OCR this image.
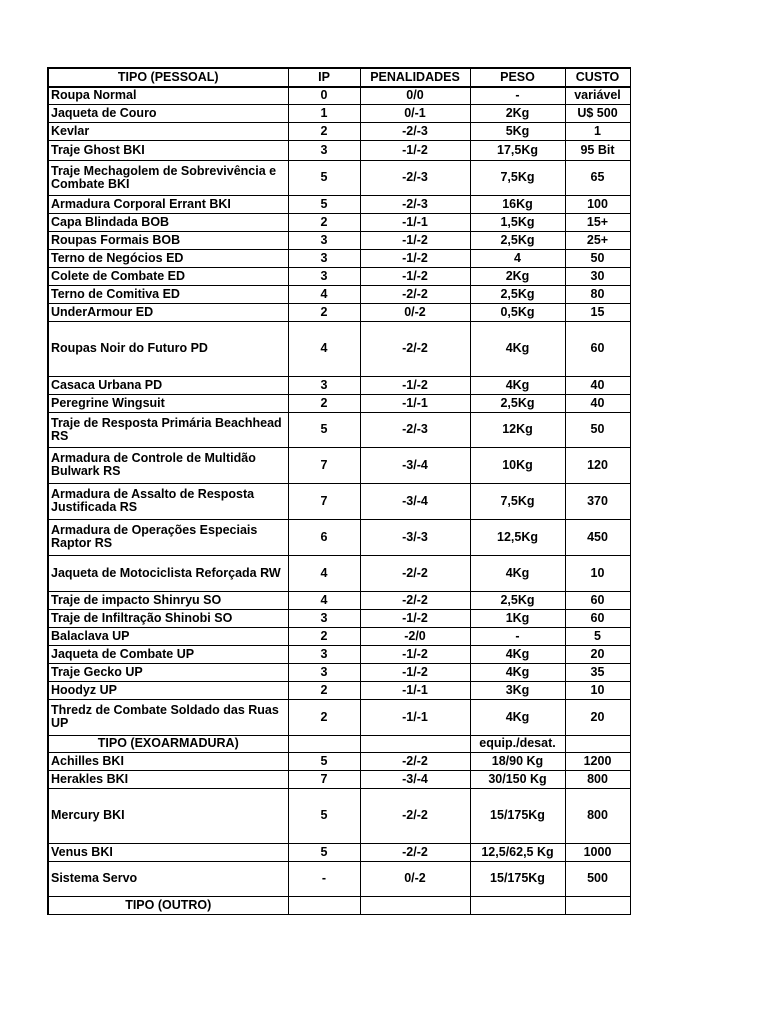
TIPO (PESSOAL)	IP	PENALIDADES	PESO	CUSTO
Roupa Normal	0	0/0	-	variável
Jaqueta de Couro	1	0/-1	2Kg	U$ 500
Kevlar	2	-2/-3	5Kg	1
Traje Ghost BKI	3	-1/-2	17,5Kg	95 Bit
Traje Mechagolem de Sobrevivência e Combate BKI	5	-2/-3	7,5Kg	65
Armadura Corporal Errant BKI	5	-2/-3	16Kg	100
Capa Blindada BOB	2	-1/-1	1,5Kg	15+
Roupas Formais BOB	3	-1/-2	2,5Kg	25+
Terno de Negócios ED	3	-1/-2	4	50
Colete de Combate ED	3	-1/-2	2Kg	30
Terno de Comitiva ED	4	-2/-2	2,5Kg	80
UnderArmour ED	2	0/-2	0,5Kg	15
Roupas Noir do Futuro PD	4	-2/-2	4Kg	60
Casaca Urbana PD	3	-1/-2	4Kg	40
Peregrine Wingsuit	2	-1/-1	2,5Kg	40
Traje de Resposta Primária Beachhead RS	5	-2/-3	12Kg	50
Armadura de Controle de Multidão Bulwark RS	7	-3/-4	10Kg	120
Armadura de Assalto de Resposta Justificada RS	7	-3/-4	7,5Kg	370
Armadura de Operações Especiais Raptor RS	6	-3/-3	12,5Kg	450
Jaqueta de Motociclista Reforçada RW	4	-2/-2	4Kg	10
Traje de impacto Shinryu SO	4	-2/-2	2,5Kg	60
Traje de Infiltração Shinobi SO	3	-1/-2	1Kg	60
Balaclava UP	2	-2/0	-	5
Jaqueta de Combate UP	3	-1/-2	4Kg	20
Traje Gecko UP	3	-1/-2	4Kg	35
Hoodyz UP	2	-1/-1	3Kg	10
Thredz de Combate Soldado das Ruas UP	2	-1/-1	4Kg	20
TIPO (EXOARMADURA)			equip./desat.	
Achilles BKI	5	-2/-2	18/90 Kg	1200
Herakles BKI	7	-3/-4	30/150 Kg	800
Mercury BKI	5	-2/-2	15/175Kg	800
Venus BKI	5	-2/-2	12,5/62,5 Kg	1000
Sistema Servo	-	0/-2	15/175Kg	500
TIPO (OUTRO)				
